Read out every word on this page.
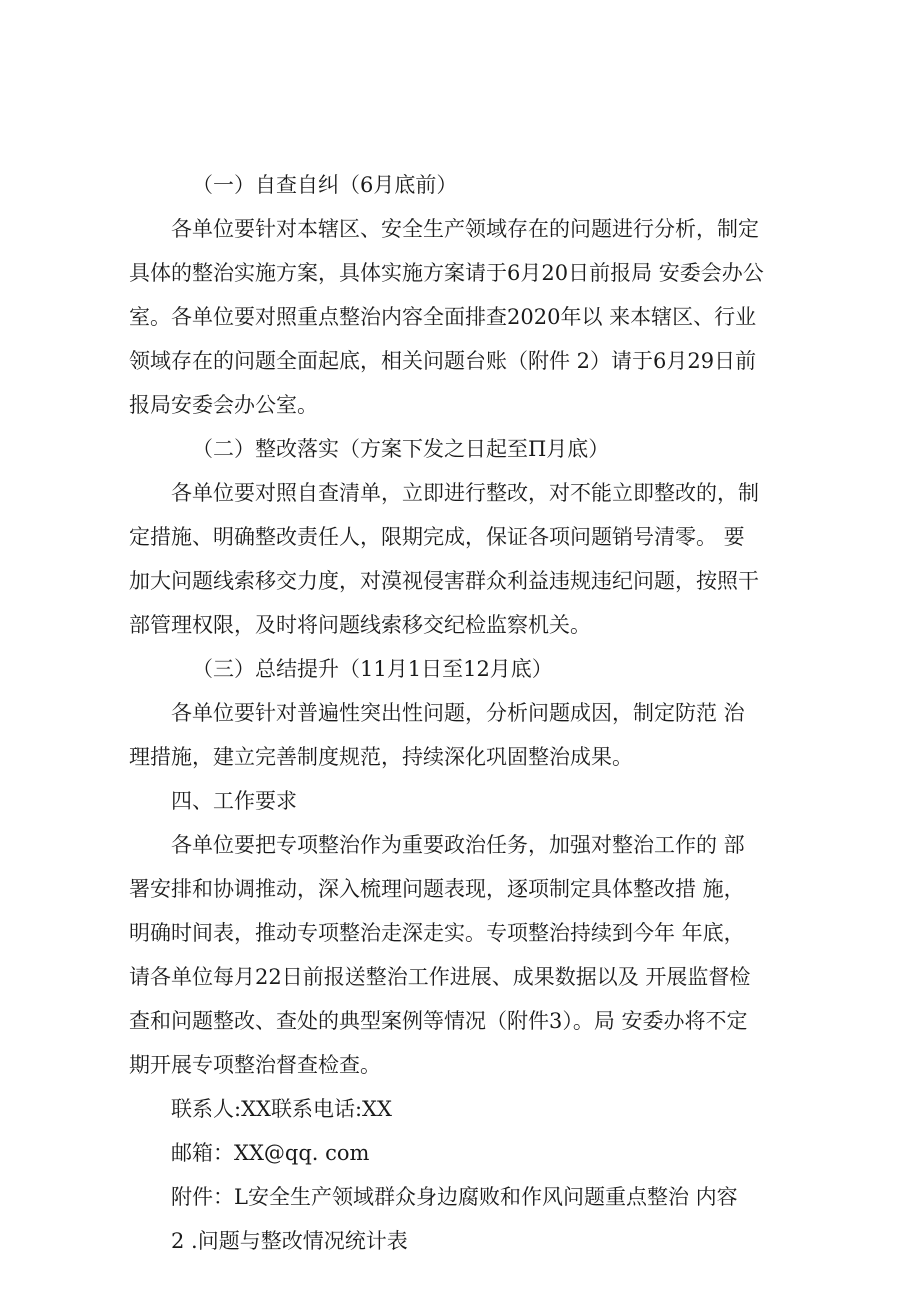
（一）自查自纠（6月底前）
各单位要针对本辖区、安全生产领域存在的问题进行分析，制定
具体的整治实施方案，具体实施方案请于6月20日前报局 安委会办公
室。各单位要对照重点整治内容全面排查2020年以 来本辖区、行业
领域存在的问题全面起底，相关问题台账（附件 2）请于6月29日前
报局安委会办公室。
（二）整改落实（方案下发之日起至Π月底）
各单位要对照自查清单，立即进行整改，对不能立即整改的，制
定措施、明确整改责任人，限期完成，保证各项问题销号清零。 要
加大问题线索移交力度，对漠视侵害群众利益违规违纪问题，按照干
部管理权限，及时将问题线索移交纪检监察机关。
（三）总结提升（11月1日至12月底）
各单位要针对普遍性突出性问题，分析问题成因，制定防范 治
理措施，建立完善制度规范，持续深化巩固整治成果。
四、工作要求
各单位要把专项整治作为重要政治任务，加强对整治工作的 部
署安排和协调推动，深入梳理问题表现，逐项制定具体整改措 施，
明确时间表，推动专项整治走深走实。专项整治持续到今年 年底，
请各单位每月22日前报送整治工作进展、成果数据以及 开展监督检
查和问题整改、查处的典型案例等情况（附件3）。局 安委办将不定
期开展专项整治督查检查。
联系人:XX联系电话:XX
邮箱：XX@qq. com
附件：L安全生产领域群众身边腐败和作风问题重点整治 内容
2 .问题与整改情况统计表
